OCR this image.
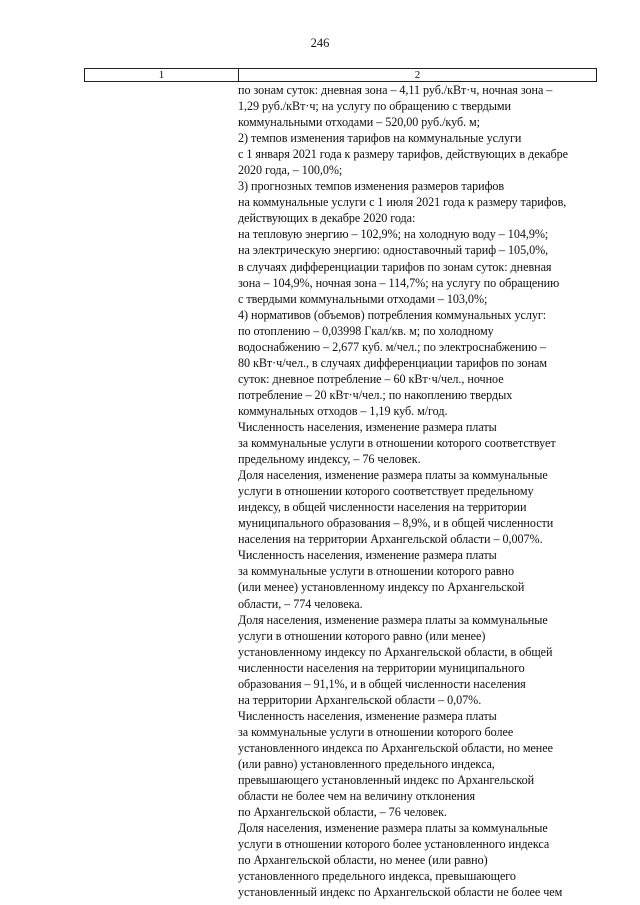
246
1	2
по зонам суток: дневная зона – 4,11 руб./кВт·ч, ночная зона –
1,29 руб./кВт·ч; на услугу по обращению с твердыми
коммунальными отходами – 520,00 руб./куб. м;
2) темпов изменения тарифов на коммунальные услуги
с 1 января 2021 года к размеру тарифов, действующих в декабре
2020 года, – 100,0%;
3) прогнозных темпов изменения размеров тарифов
на коммунальные услуги с 1 июля 2021 года к размеру тарифов,
действующих в декабре 2020 года:
на тепловую энергию – 102,9%; на холодную воду – 104,9%;
на электрическую энергию: одноставочный тариф – 105,0%,
в случаях дифференциации тарифов по зонам суток: дневная
зона – 104,9%, ночная зона – 114,7%; на услугу по обращению
с твердыми коммунальными отходами – 103,0%;
4) нормативов (объемов) потребления коммунальных услуг:
по отоплению – 0,03998 Гкал/кв. м; по холодному
водоснабжению – 2,677 куб. м/чел.; по электроснабжению –
80 кВт·ч/чел., в случаях дифференциации тарифов по зонам
суток: дневное потребление – 60 кВт·ч/чел., ночное
потребление – 20 кВт·ч/чел.; по накоплению твердых
коммунальных отходов – 1,19 куб. м/год.
Численность населения, изменение размера платы
за коммунальные услуги в отношении которого соответствует
предельному индексу, – 76 человек.
Доля населения, изменение размера платы за коммунальные
услуги в отношении которого соответствует предельному
индексу, в общей численности населения на территории
муниципального образования – 8,9%, и в общей численности
населения на территории Архангельской области – 0,007%.
Численность населения, изменение размера платы
за коммунальные услуги в отношении которого равно
(или менее) установленному индексу по Архангельской
области, – 774 человека.
Доля населения, изменение размера платы за коммунальные
услуги в отношении которого равно (или менее)
установленному индексу по Архангельской области, в общей
численности населения на территории муниципального
образования – 91,1%, и в общей численности населения
на территории Архангельской области – 0,07%.
Численность населения, изменение размера платы
за коммунальные услуги в отношении которого более
установленного индекса по Архангельской области, но менее
(или равно) установленного предельного индекса,
превышающего установленный индекс по Архангельской
области не более чем на величину отклонения
по Архангельской области, – 76 человек.
Доля населения, изменение размера платы за коммунальные
услуги в отношении которого более установленного индекса
по Архангельской области, но менее (или равно)
установленного предельного индекса, превышающего
установленный индекс по Архангельской области не более чем
